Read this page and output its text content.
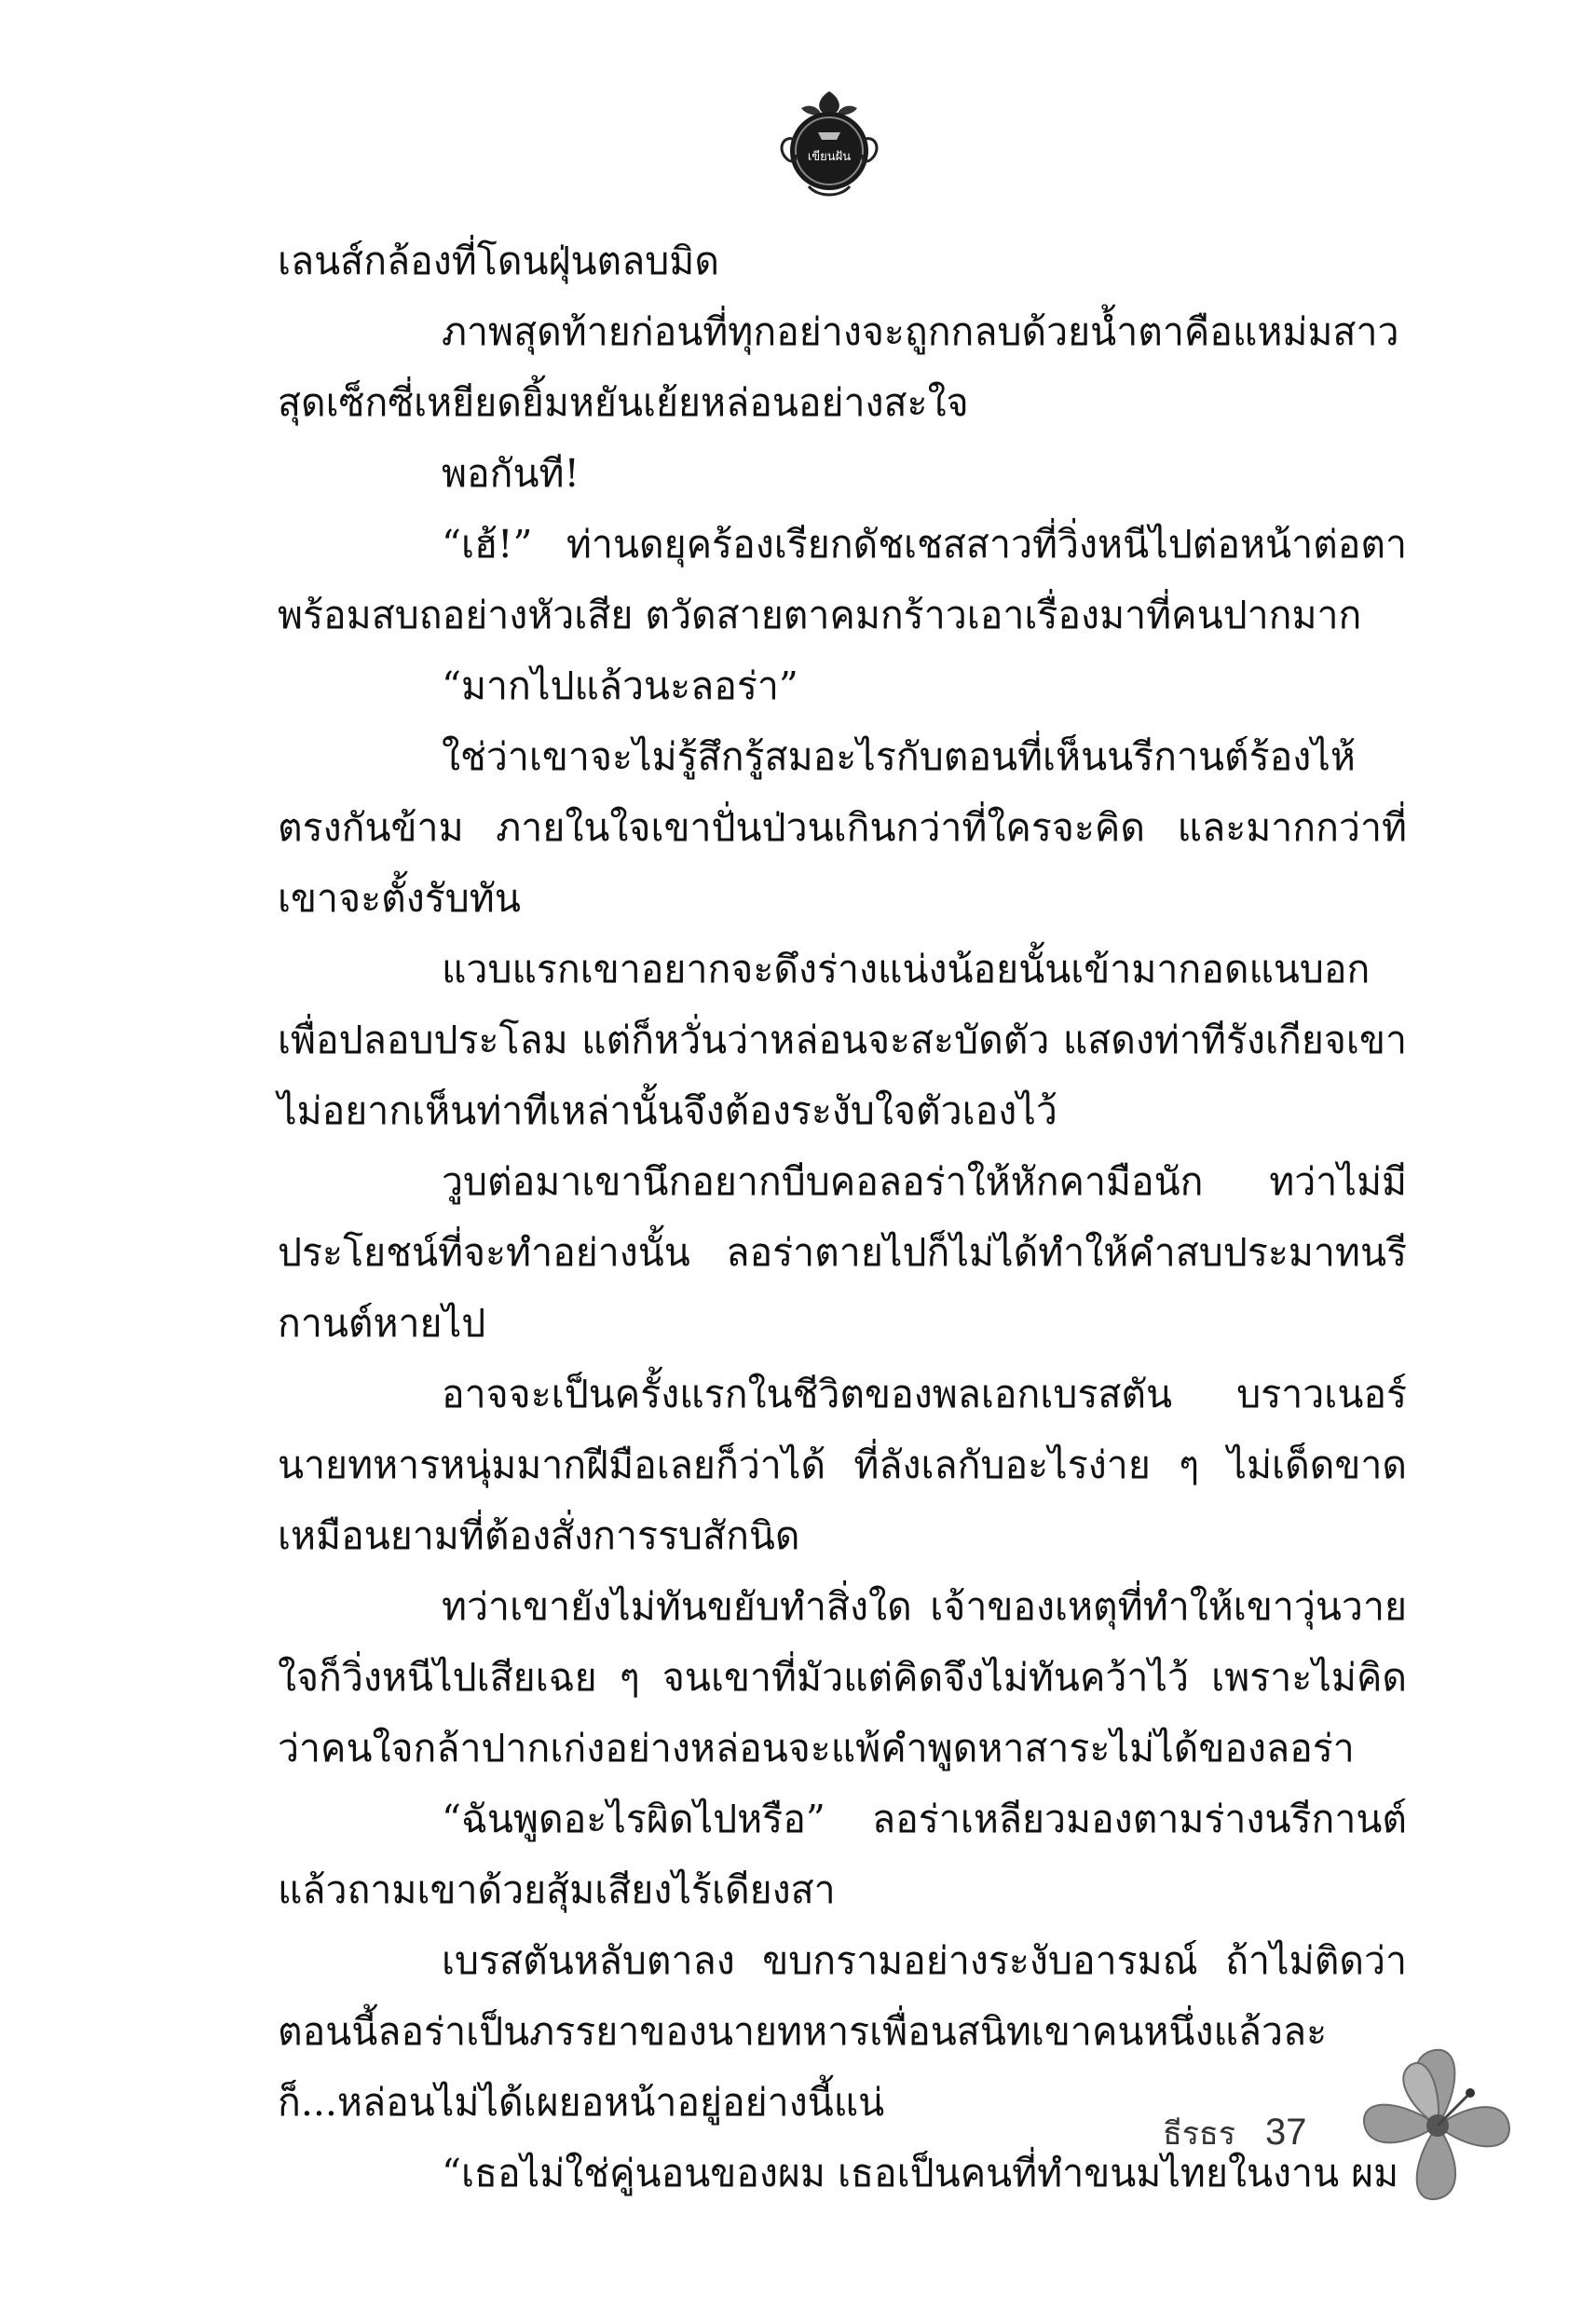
เขียนฝัน

เลนส์กล้องที่โดนฝุ่นตลบมิด

ภาพสุดท้ายก่อนที่ทุกอย่างจะถูกกลบด้วยน้ำตาคือแหม่มสาวสุดเซ็กซี่เหยียดยิ้มหยันเย้ยหล่อนอย่างสะใจ

พอกันที!

“เฮ้!” ท่านดยุคร้องเรียกดัชเชสสาวที่วิ่งหนีไปต่อหน้าต่อตาพร้อมสบถอย่างหัวเสีย ตวัดสายตาคมกร้าวเอาเรื่องมาที่คนปากมาก

“มากไปแล้วนะลอร่า”

ใช่ว่าเขาจะไม่รู้สึกรู้สมอะไรกับตอนที่เห็นนรีกานต์ร้องไห้ตรงกันข้าม ภายในใจเขาปั่นป่วนเกินกว่าที่ใครจะคิด และมากกว่าที่เขาจะตั้งรับทัน

แวบแรกเขาอยากจะดึงร่างแน่งน้อยนั้นเข้ามากอดแนบอกเพื่อปลอบประโลม แต่ก็หวั่นว่าหล่อนจะสะบัดตัว แสดงท่าทีรังเกียจเขาไม่อยากเห็นท่าทีเหล่านั้นจึงต้องระงับใจตัวเองไว้

วูบต่อมาเขานึกอยากบีบคอลอร่าให้หักคามือนัก ทว่าไม่มีประโยชน์ที่จะทำอย่างนั้น ลอร่าตายไปก็ไม่ได้ทำให้คำสบประมาทนรีกานต์หายไป

อาจจะเป็นครั้งแรกในชีวิตของพลเอกเบรสตัน บราวเนอร์นายทหารหนุ่มมากฝีมือเลยก็ว่าได้ ที่ลังเลกับอะไรง่าย ๆ ไม่เด็ดขาดเหมือนยามที่ต้องสั่งการรบสักนิด

ทว่าเขายังไม่ทันขยับทำสิ่งใด เจ้าของเหตุที่ทำให้เขาวุ่นวายใจก็วิ่งหนีไปเสียเฉย ๆ จนเขาที่มัวแต่คิดจึงไม่ทันคว้าไว้ เพราะไม่คิดว่าคนใจกล้าปากเก่งอย่างหล่อนจะแพ้คำพูดหาสาระไม่ได้ของลอร่า

“ฉันพูดอะไรผิดไปหรือ” ลอร่าเหลียวมองตามร่างนรีกานต์แล้วถามเขาด้วยสุ้มเสียงไร้เดียงสา

เบรสตันหลับตาลง ขบกรามอย่างระงับอารมณ์ ถ้าไม่ติดว่าตอนนี้ลอร่าเป็นภรรยาของนายทหารเพื่อนสนิทเขาคนหนึ่งแล้วละก็...หล่อนไม่ได้เผยอหน้าอยู่อย่างนี้แน่

“เธอไม่ใช่คู่นอนของผม เธอเป็นคนที่ทำขนมไทยในงาน ผม

ธีรธร 37
